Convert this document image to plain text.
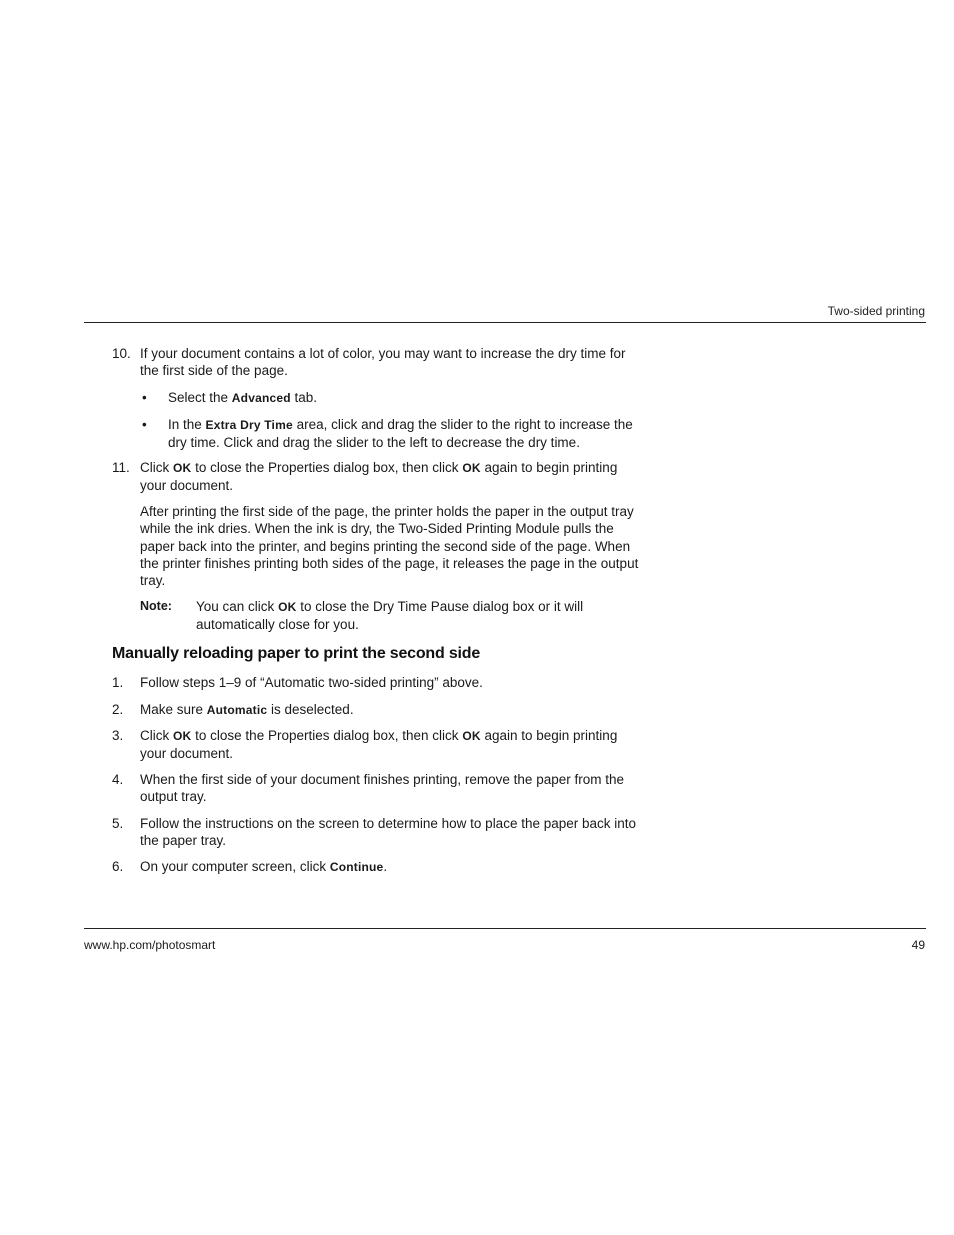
Two-sided printing
10. If your document contains a lot of color, you may want to increase the dry time for the first side of the page.
• Select the Advanced tab.
• In the Extra Dry Time area, click and drag the slider to the right to increase the dry time. Click and drag the slider to the left to decrease the dry time.
11. Click OK to close the Properties dialog box, then click OK again to begin printing your document.
After printing the first side of the page, the printer holds the paper in the output tray while the ink dries. When the ink is dry, the Two-Sided Printing Module pulls the paper back into the printer, and begins printing the second side of the page. When the printer finishes printing both sides of the page, it releases the page in the output tray.
Note: You can click OK to close the Dry Time Pause dialog box or it will automatically close for you.
Manually reloading paper to print the second side
1. Follow steps 1–9 of “Automatic two-sided printing” above.
2. Make sure Automatic is deselected.
3. Click OK to close the Properties dialog box, then click OK again to begin printing your document.
4. When the first side of your document finishes printing, remove the paper from the output tray.
5. Follow the instructions on the screen to determine how to place the paper back into the paper tray.
6. On your computer screen, click Continue.
www.hp.com/photosmart	49
